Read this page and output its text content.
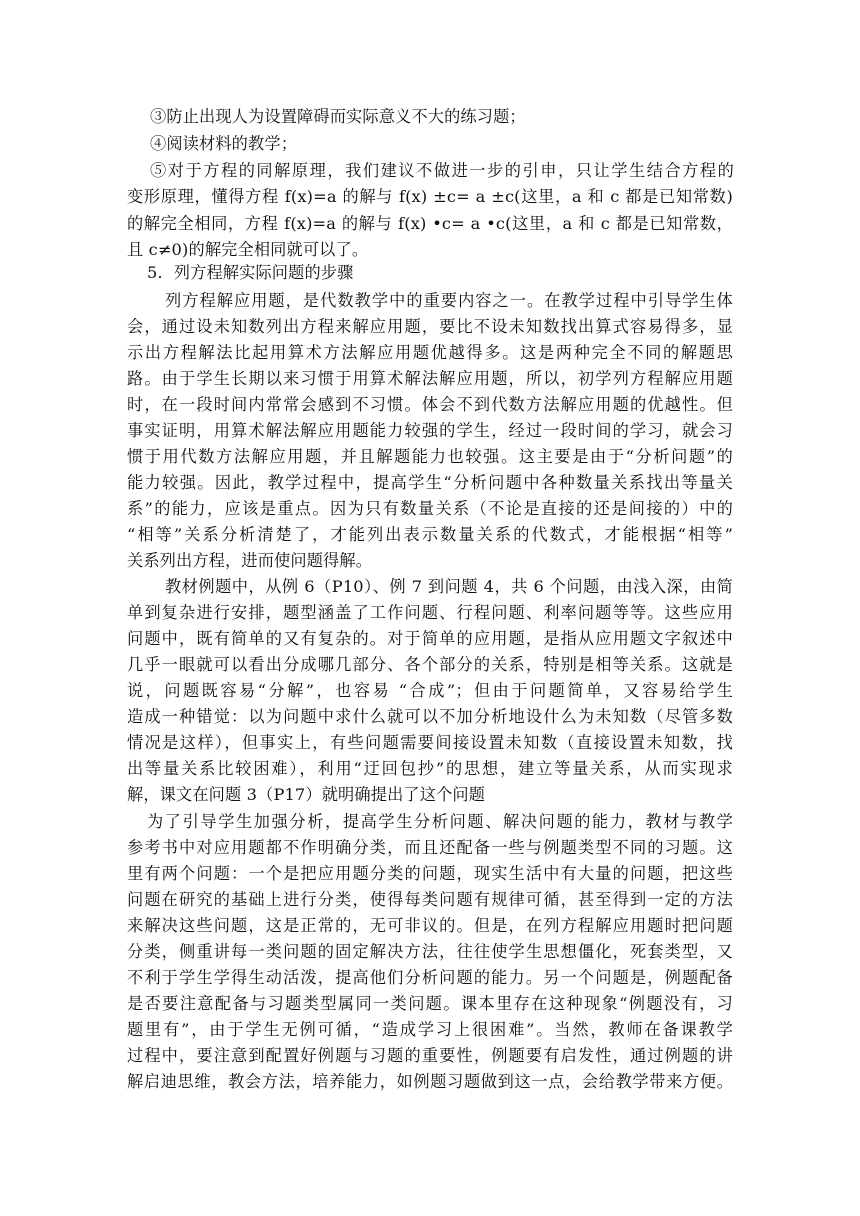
③防止出现人为设置障碍而实际意义不大的练习题；
④阅读材料的教学；
⑤对于方程的同解原理，我们建议不做进一步的引申，只让学生结合方程的
变形原理，懂得方程 f(x)=a 的解与 f(x) ±c= a ±c(这里，a 和 c 都是已知常数)
的解完全相同，方程 f(x)=a 的解与 f(x) •c= a •c(这里，a 和 c 都是已知常数，
且 c≠0)的解完全相同就可以了。
5．列方程解实际问题的步骤
列方程解应用题，是代数教学中的重要内容之一。在教学过程中引导学生体
会，通过设未知数列出方程来解应用题，要比不设未知数找出算式容易得多，显
示出方程解法比起用算术方法解应用题优越得多。这是两种完全不同的解题思
路。由于学生长期以来习惯于用算术解法解应用题，所以，初学列方程解应用题
时，在一段时间内常常会感到不习惯。体会不到代数方法解应用题的优越性。但
事实证明，用算术解法解应用题能力较强的学生，经过一段时间的学习，就会习
惯于用代数方法解应用题，并且解题能力也较强。这主要是由于“分析问题”的
能力较强。因此，教学过程中，提高学生“分析问题中各种数量关系找出等量关
系”的能力，应该是重点。因为只有数量关系（不论是直接的还是间接的）中的
“相等”关系分析清楚了，才能列出表示数量关系的代数式，才能根据“相等”
关系列出方程，进而使问题得解。
教材例题中，从例 6（P10）、例 7 到问题 4，共 6 个问题，由浅入深，由简
单到复杂进行安排，题型涵盖了工作问题、行程问题、利率问题等等。这些应用
问题中，既有简单的又有复杂的。对于简单的应用题，是指从应用题文字叙述中
几乎一眼就可以看出分成哪几部分、各个部分的关系，特别是相等关系。这就是
说，问题既容易“分解”，也容易 “合成”；但由于问题简单，又容易给学生
造成一种错觉：以为问题中求什么就可以不加分析地设什么为未知数（尽管多数
情况是这样），但事实上，有些问题需要间接设置未知数（直接设置未知数，找
出等量关系比较困难），利用“迂回包抄”的思想，建立等量关系，从而实现求
解，课文在问题 3（P17）就明确提出了这个问题
为了引导学生加强分析，提高学生分析问题、解决问题的能力，教材与教学
参考书中对应用题都不作明确分类，而且还配备一些与例题类型不同的习题。这
里有两个问题：一个是把应用题分类的问题，现实生活中有大量的问题，把这些
问题在研究的基础上进行分类，使得每类问题有规律可循，甚至得到一定的方法
来解决这些问题，这是正常的，无可非议的。但是，在列方程解应用题时把问题
分类，侧重讲每一类问题的固定解决方法，往往使学生思想僵化，死套类型，又
不利于学生学得生动活泼，提高他们分析问题的能力。另一个问题是，例题配备
是否要注意配备与习题类型属同一类问题。课本里存在这种现象“例题没有，习
题里有”，由于学生无例可循，“造成学习上很困难”。当然，教师在备课教学
过程中，要注意到配置好例题与习题的重要性，例题要有启发性，通过例题的讲
解启迪思维，教会方法，培养能力，如例题习题做到这一点，会给教学带来方便。
